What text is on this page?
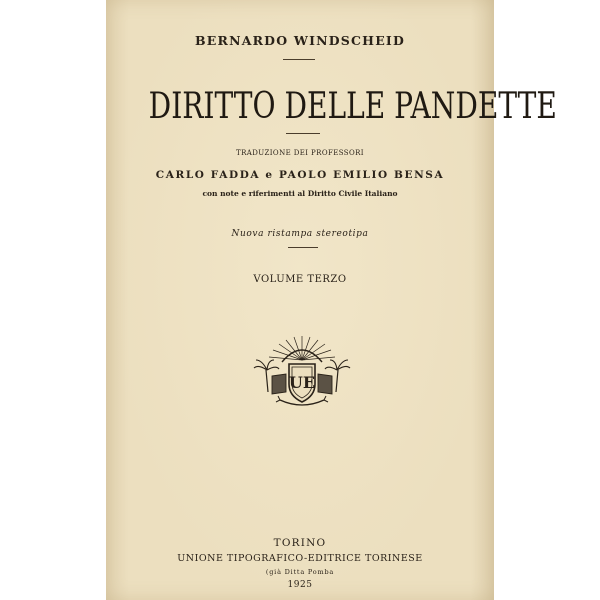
BERNARDO WINDSCHEID
DIRITTO DELLE PANDETTE
TRADUZIONE DEI PROFESSORI
CARLO FADDA e PAOLO EMILIO BENSA
con note e riferimenti al Diritto Civile Italiano
Nuova ristampa stereotipa
VOLUME TERZO
UE
TORINO
UNIONE TIPOGRAFICO-EDITRICE TORINESE
(già Ditta Pomba
1925
